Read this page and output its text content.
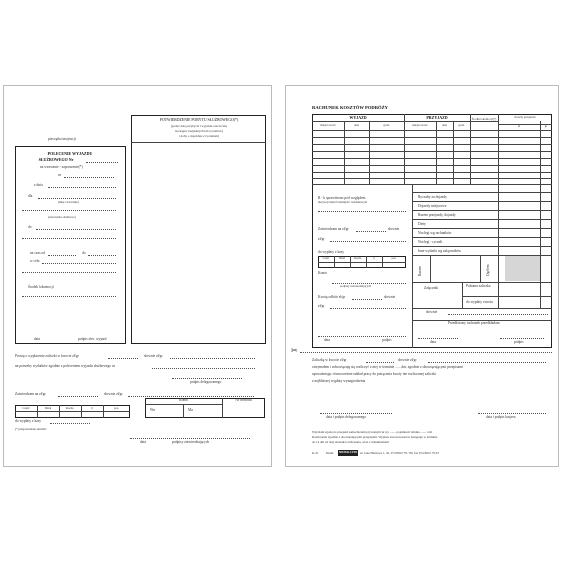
pieczątka instytucji
POLECENIE WYJAZDU
SŁUŻBOWEGO Nr
na wezwanie - zaproszenie(*)
nr
z dnia
dla
(imię i nazwisko)
(stanowisko służbowe)
do
na czas od	do
w celu
Środek lokomocji
data	podpis zlec. wyjazd
POTWIERDZENIE POBYTU SŁUŻBOWEGO(*)
(podać datę przybycia i wyjazdu oraz liczbę
noclegów bezpłatnych lub ryczałtów)
i doby o dojeździe z ryczałtem)
Proszę o wypłacenie zaliczki w kwocie zł/gr	słownie zł/gr
na potrzeby wydatków zgodnie z poleceniem wyjazdu służbowego nr
podpis delegowanego
Zatwierdzam na zł/gr	słownie zł/gr
Część	Dział	Rozdz.	§	poz.
Konto	Nr dowodu
Wn	Ma
do wypłaty z kasy
(*) niepotrzebne skreślić
data	podpisy zatwierdzających
RACHUNEK KOSZTÓW PODRÓŻY
WYJAZD	PRZYJAZD	Środki lokomocji(*)	Koszty przejazdu
zł	gr
miejscowość	data	godz.	miejscowość	data	godz.
R - k sprawdzono pod względem
merytorycznym formalnym i rachunkowym
Zatwierdzam na zł/gr	słownie
zł/gr
do wypłaty z kasy
Część	Dział	Rozdz.	§	poz.
Konto
podpisy zatwierdzających
Kwotę odbiór zł/gr	słownie
zł/gr
data	podpis
Ryczałty za dojazdy
Dojazdy miejscowe
Razem przejazdy, dojazdy
Diety
Noclegi wg rachunków
Noclegi - ryczałt
Inne wydatki wg załączników
Razem	Ogółem
Załącznik	Pobrana zaliczka
do wypłaty zwrotu
słownie
Przedłożony rachunek przedkładam
data	podpis
✂
Zaliczkę w kwocie zł/gr	słownie zł/gr
otrzymałem i zobowiązuję się rozliczyć z niej w terminie ...... dni, zgodnie z obowiązującymi przepisami
upoważniając równocześnie zakład pracy do potrącenia kwoty nie rozliczonej zaliczki
z najbliższej wypłaty wynagrodzenia
data i podpis delegowanego	data i podpis kasjera
Wyrażam zgodę na przejazd samochodem prywatnym nr rej. ....... pojemność silnika ....... ccm
Rozliczenie zgodnie z obowiązującymi przepisami. Wypłata zwrotu kosztów następuje w terminie
do 14 dni od daty złożenia rozliczenia, wraz z dokumentami
K-21 Druki MICHALCZYK ul. Jana Hentowa 1, tel. 074 8652 78 / 80, fax 074 8652 79 63
